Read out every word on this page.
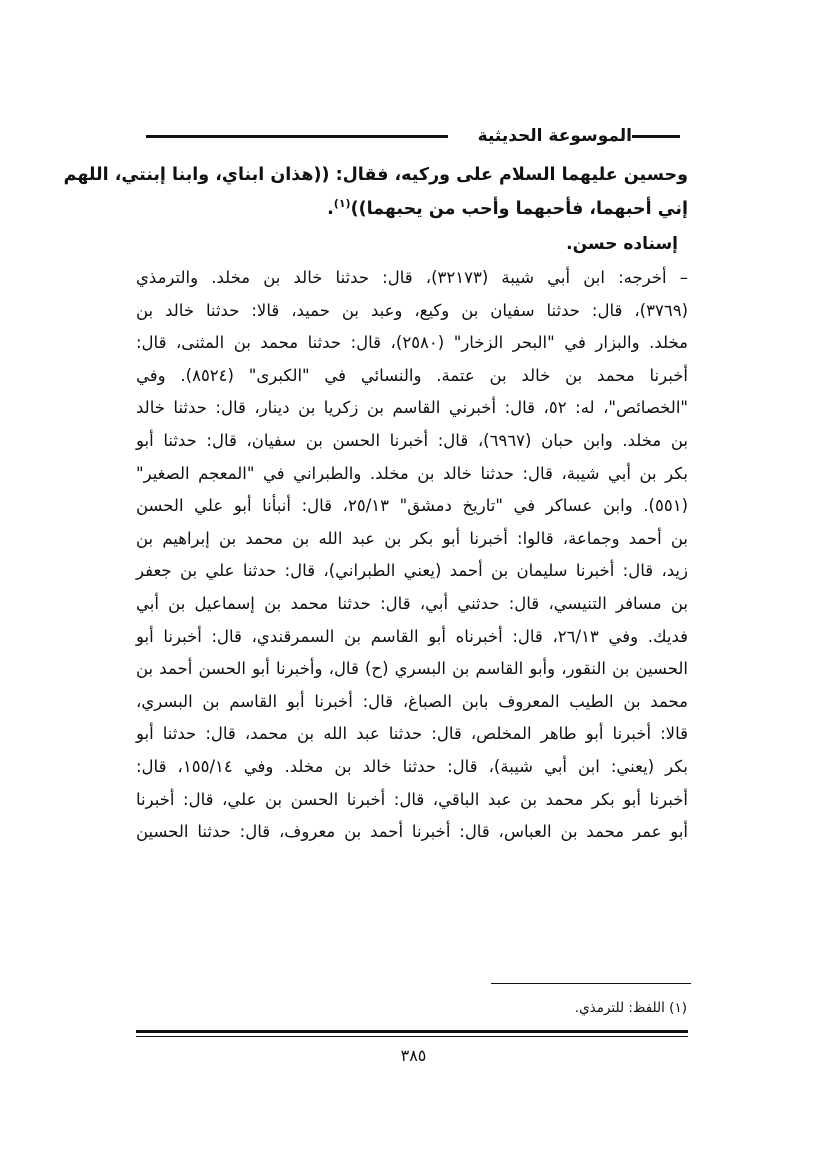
الموسوعة الحديثية
وحسين عليهما السلام على وركيه، فقال: ((هذان ابناي، وابنا إبنتي، اللهم
إني أحبهما، فأحبهما وأحب من يحبهما))$^{(١)}$.
إسناده حسن.
– أخرجه: ابن أبي شيبة (٣٢١٧٣)، قال: حدثنا خالد بن مخلد. والترمذي
(٣٧٦٩)، قال: حدثنا سفيان بن وكيع، وعبد بن حميد، قالا: حدثنا خالد بن
مخلد. والبزار في "البحر الزخار" (٢٥٨٠)، قال: حدثنا محمد بن المثنى، قال:
أخبرنا محمد بن خالد بن عتمة. والنسائي في "الكبرى" (٨٥٢٤). وفي
"الخصائص"، له: ٥٢، قال: أخبرني القاسم بن زكريا بن دينار، قال: حدثنا خالد
بن مخلد. وابن حبان (٦٩٦٧)، قال: أخبرنا الحسن بن سفيان، قال: حدثنا أبو
بكر بن أبي شيبة، قال: حدثنا خالد بن مخلد. والطبراني في "المعجم الصغير"
(٥٥١). وابن عساكر في "تاريخ دمشق" ٢٥/١٣، قال: أنبأنا أبو علي الحسن
بن أحمد وجماعة، قالوا: أخبرنا أبو بكر بن عبد الله بن محمد بن إبراهيم بن
زيد، قال: أخبرنا سليمان بن أحمد (يعني الطبراني)، قال: حدثنا علي بن جعفر
بن مسافر التنيسي، قال: حدثني أبي، قال: حدثنا محمد بن إسماعيل بن أبي
فديك. وفي ٢٦/١٣، قال: أخبرناه أبو القاسم بن السمرقندي، قال: أخبرنا أبو
الحسين بن النقور، وأبو القاسم بن البسري (ح) قال، وأخبرنا أبو الحسن أحمد بن
محمد بن الطيب المعروف بابن الصباغ، قال: أخبرنا أبو القاسم بن البسري،
قالا: أخبرنا أبو طاهر المخلص، قال: حدثنا عبد الله بن محمد، قال: حدثنا أبو
بكر (يعني: ابن أبي شيبة)، قال: حدثنا خالد بن مخلد. وفي ١٥٥/١٤، قال:
أخبرنا أبو بكر محمد بن عبد الباقي، قال: أخبرنا الحسن بن علي، قال: أخبرنا
أبو عمر محمد بن العباس، قال: أخبرنا أحمد بن معروف، قال: حدثنا الحسين
(١) اللفظ: للترمذي.
٣٨٥
